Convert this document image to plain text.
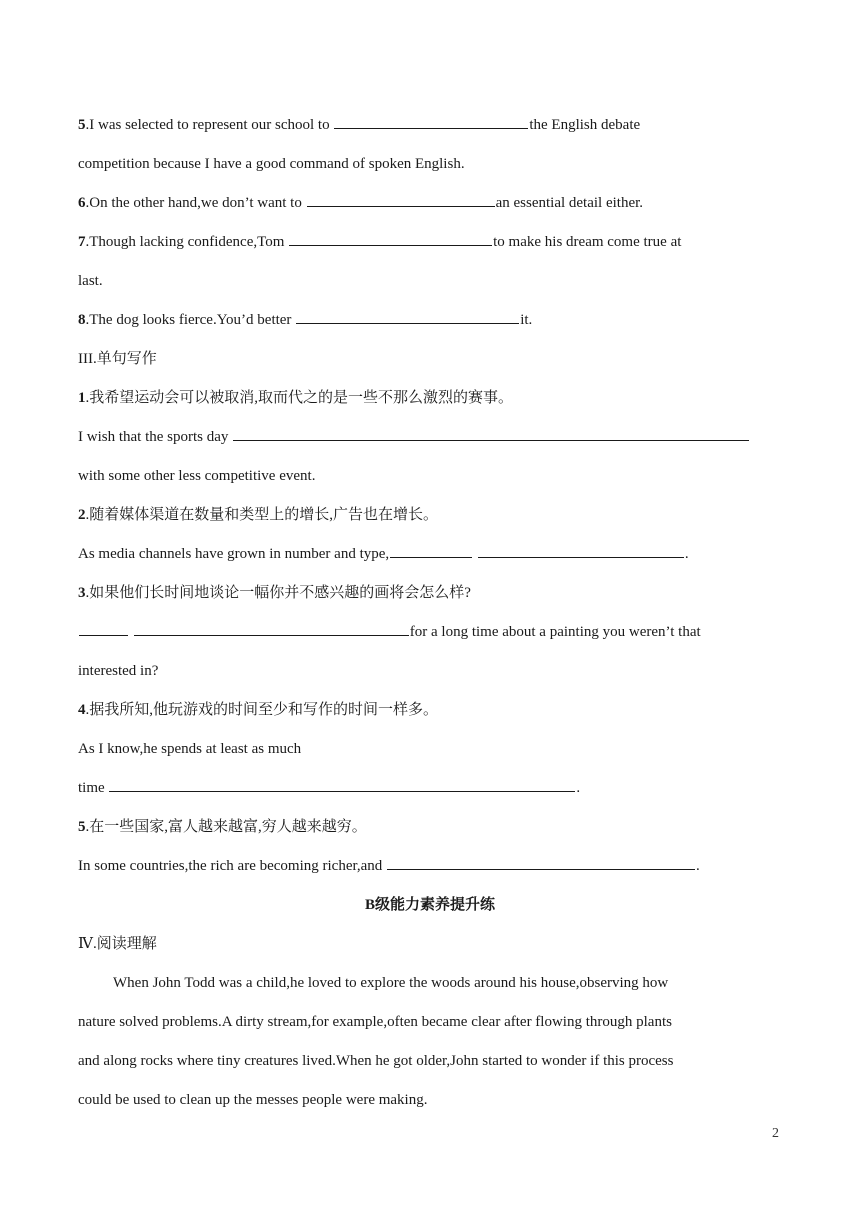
5.I was selected to represent our school to	the English debate
competition because I have a good command of spoken English.
6.On the other hand,we don’t want to	an essential detail either.
7.Though lacking confidence,Tom	to make his dream come true at
last.
8.The dog looks fierce.You’d better	it.
III.单句写作
1.我希望运动会可以被取消,取而代之的是一些不那么激烈的赛事。
I wish that the sports day
with some other less competitive event.
2.随着媒体渠道在数量和类型上的增长,广告也在增长。
As media channels have grown in number and type,	.
3.如果他们长时间地谈论一幅你并不感兴趣的画将会怎么样?
for a long time about a painting you weren’t that
interested in?
4.据我所知,他玩游戏的时间至少和写作的时间一样多。
As I know,he spends at least as much
time	.
5.在一些国家,富人越来越富,穷人越来越穷。
In some countries,the rich are becoming richer,and	.
B级能力素养提升练
Ⅳ.阅读理解
When John Todd was a child,he loved to explore the woods around his house,observing how
nature solved problems.A dirty stream,for example,often became clear after flowing through plants
and along rocks where tiny creatures lived.When he got older,John started to wonder if this process
could be used to clean up the messes people were making.
2
